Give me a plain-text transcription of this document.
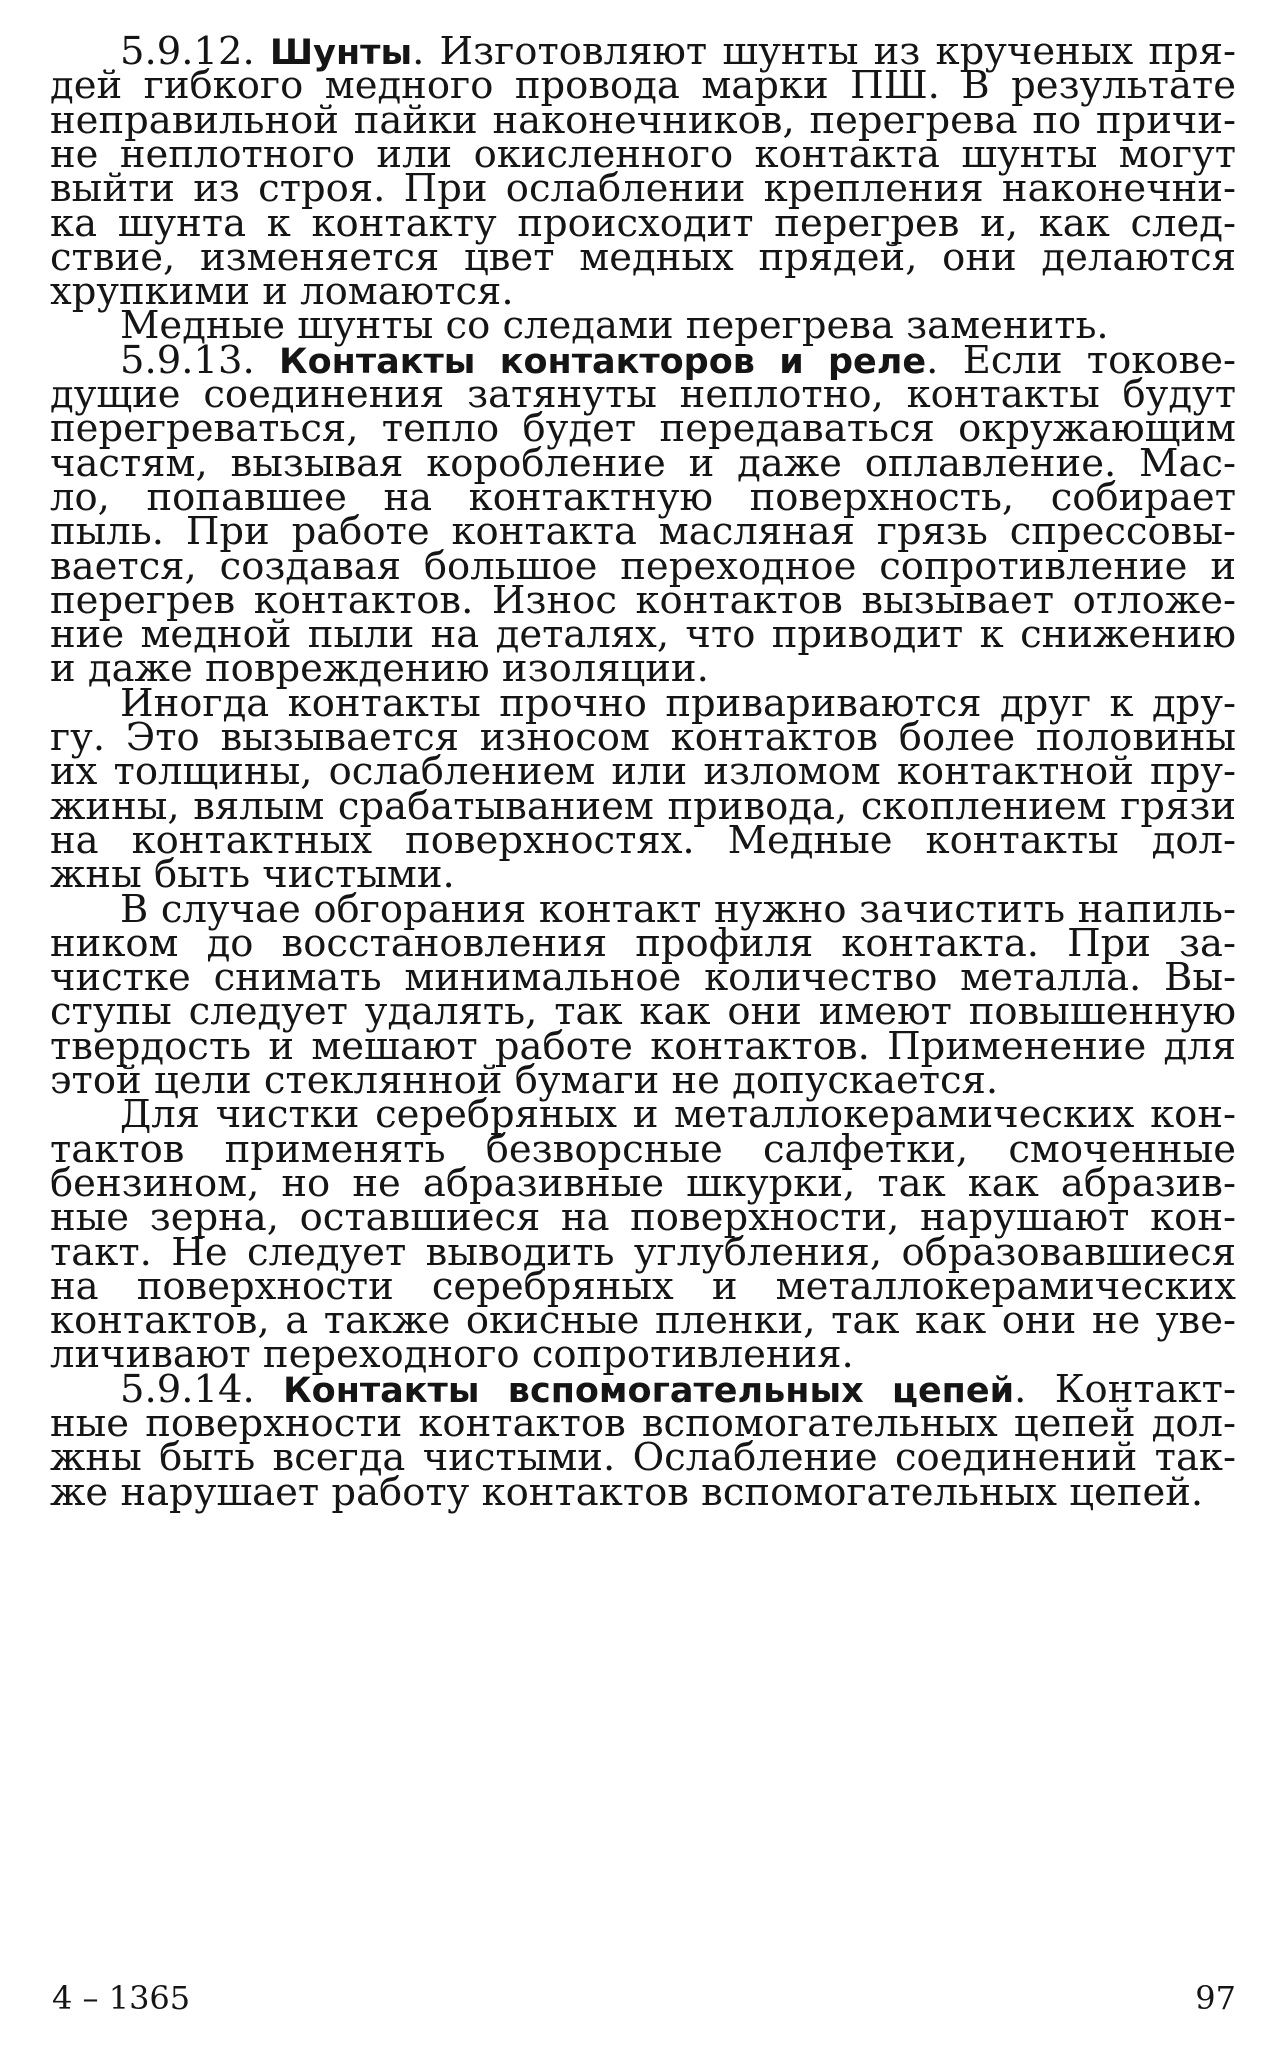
5.9.12. Шунты. Изготовляют шунты из крученых пря-
дей гибкого медного провода марки ПШ. В результате
неправильной пайки наконечников, перегрева по причи-
не неплотного или окисленного контакта шунты могут
выйти из строя. При ослаблении крепления наконечни-
ка шунта к контакту происходит перегрев и, как след-
ствие, изменяется цвет медных прядей, они делаются
хрупкими и ломаются.
Медные шунты со следами перегрева заменить.
5.9.13. Контакты контакторов и реле. Если токове-
дущие соединения затянуты неплотно, контакты будут
перегреваться, тепло будет передаваться окружающим
частям, вызывая коробление и даже оплавление. Мас-
ло, попавшее на контактную поверхность, собирает
пыль. При работе контакта масляная грязь спрессовы-
вается, создавая большое переходное сопротивление и
перегрев контактов. Износ контактов вызывает отложе-
ние медной пыли на деталях, что приводит к снижению
и даже повреждению изоляции.
Иногда контакты прочно привариваются друг к дру-
гу. Это вызывается износом контактов более половины
их толщины, ослаблением или изломом контактной пру-
жины, вялым срабатыванием привода, скоплением грязи
на контактных поверхностях. Медные контакты дол-
жны быть чистыми.
В случае обгорания контакт нужно зачистить напиль-
ником до восстановления профиля контакта. При за-
чистке снимать минимальное количество металла. Вы-
ступы следует удалять, так как они имеют повышенную
твердость и мешают работе контактов. Применение для
этой цели стеклянной бумаги не допускается.
Для чистки серебряных и металлокерамических кон-
тактов применять безворсные салфетки, смоченные
бензином, но не абразивные шкурки, так как абразив-
ные зерна, оставшиеся на поверхности, нарушают кон-
такт. Не следует выводить углубления, образовавшиеся
на поверхности серебряных и металлокерамических
контактов, а также окисные пленки, так как они не уве-
личивают переходного сопротивления.
5.9.14. Контакты вспомогательных цепей. Контакт-
ные поверхности контактов вспомогательных цепей дол-
жны быть всегда чистыми. Ослабление соединений так-
же нарушает работу контактов вспомогательных цепей.
4 – 1365	97
